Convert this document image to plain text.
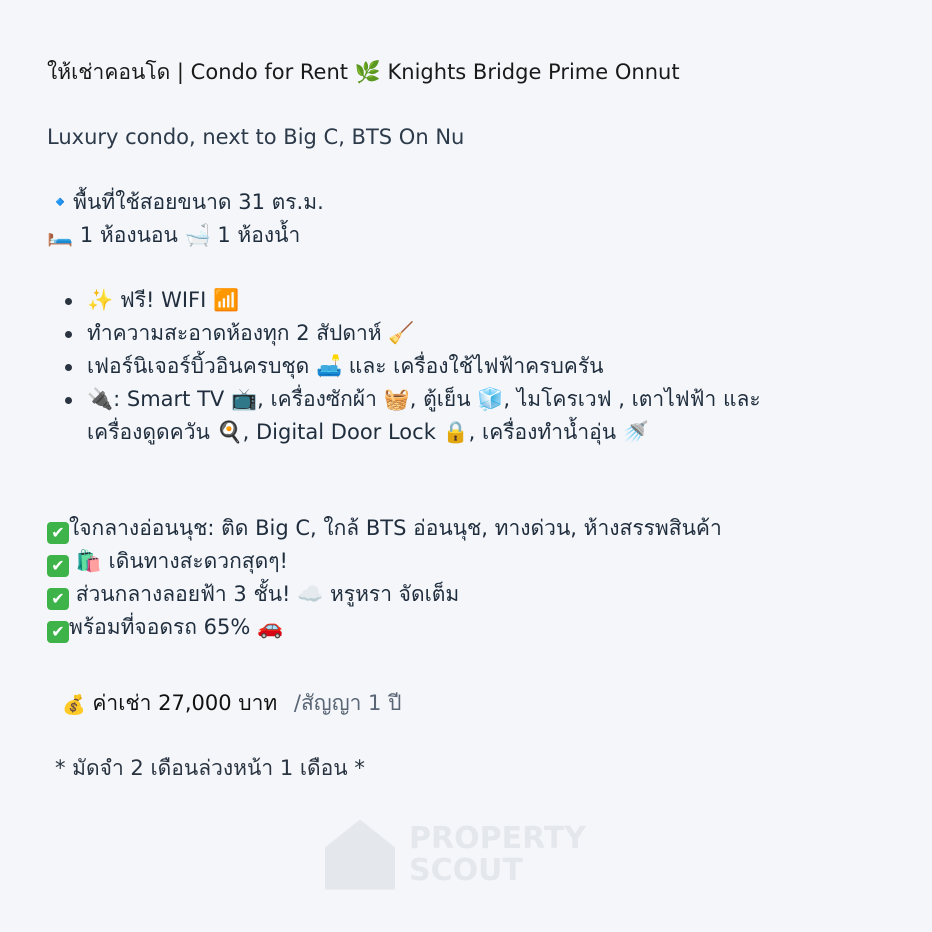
ให้เช่าคอนโด | Condo for Rent 🌿 Knights Bridge Prime Onnut
Luxury condo, next to Big C, BTS On Nu
🔹พื้นที่ใช้สอยขนาด 31 ตร.ม.
🛏️ 1 ห้องนอน 🛁 1 ห้องน้ำ
✨ ฟรี! WIFI 📶
ทำความสะอาดห้องทุก 2 สัปดาห์ 🧹
เฟอร์นิเจอร์บิ้วอินครบชุด 🛋️ และ เครื่องใช้ไฟฟ้าครบครัน
🔌: Smart TV 📺, เครื่องซักผ้า 🧺, ตู้เย็น 🧊, ไมโครเวฟ , เตาไฟฟ้า และเครื่องดูดควัน 🍳, Digital Door Lock 🔒, เครื่องทำน้ำอุ่น 🚿
✔ ใจกลางอ่อนนุช: ติด Big C, ใกล้ BTS อ่อนนุช, ทางด่วน, ห้างสรรพสินค้า
✔ 🛍️ เดินทางสะดวกสุดๆ!
✔ ส่วนกลางลอยฟ้า 3 ชั้น! ☁️ หรูหรา จัดเต็ม
✔ พร้อมที่จอดรถ 65% 🚗
💰 ค่าเช่า 27,000 บาท /สัญญา 1 ปี
* มัดจำ 2 เดือนล่วงหน้า 1 เดือน *
PROPERTY
SCOUT
